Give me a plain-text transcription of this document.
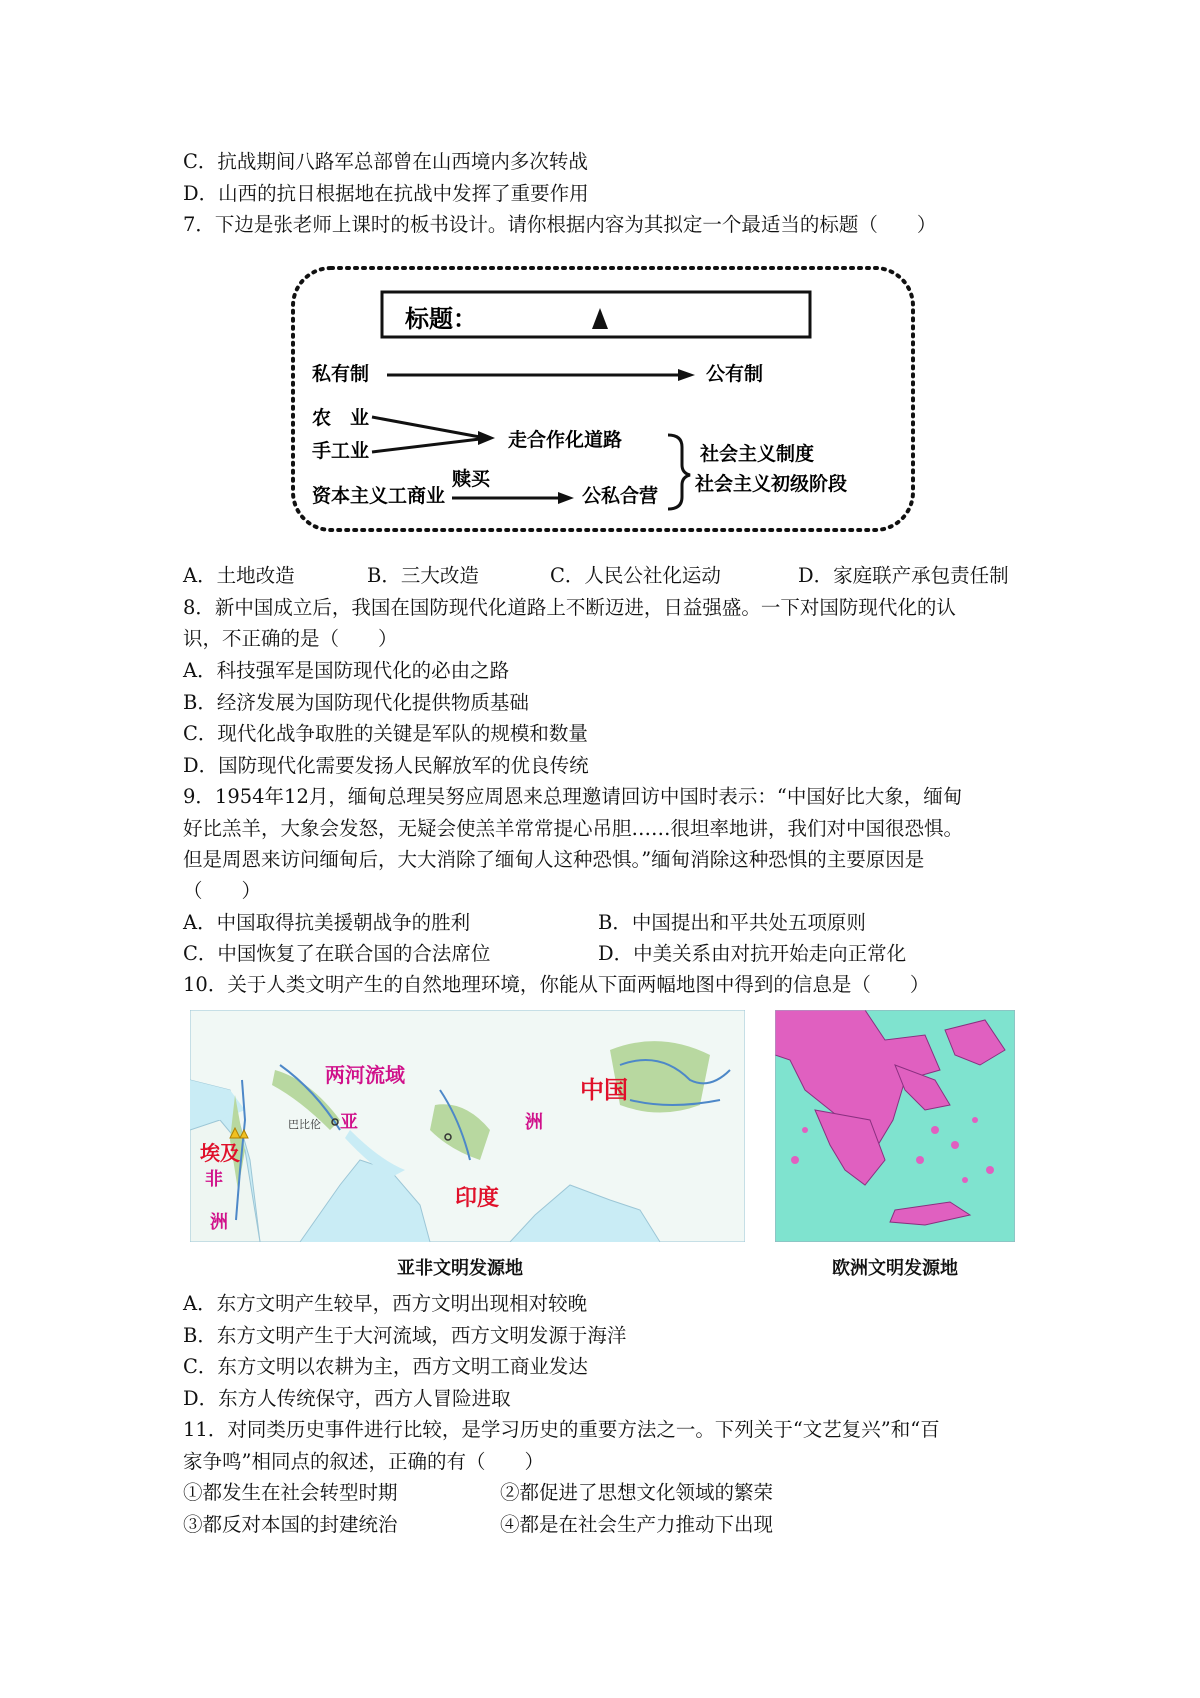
C．抗战期间八路军总部曾在山西境内多次转战
D．山西的抗日根据地在抗战中发挥了重要作用
7．下边是张老师上课时的板书设计。请你根据内容为其拟定一个最适当的标题（　　）
标题：
私有制	公有制
农　业
手工业	走合作化道路
资本主义工商业
赎买
公私合营
社会主义制度
社会主义初级阶段
A．土地改造	B．三大改造	C．人民公社化运动	D．家庭联产承包责任制
8．新中国成立后，我国在国防现代化道路上不断迈进，日益强盛。一下对国防现代化的认
识，不正确的是（　　）
A．科技强军是国防现代化的必由之路
B．经济发展为国防现代化提供物质基础
C．现代化战争取胜的关键是军队的规模和数量
D．国防现代化需要发扬人民解放军的优良传统
9．1954年12月，缅甸总理吴努应周恩来总理邀请回访中国时表示：“中国好比大象，缅甸
好比羔羊，大象会发怒，无疑会使羔羊常常提心吊胆……很坦率地讲，我们对中国很恐惧。
但是周恩来访问缅甸后，大大消除了缅甸人这种恐惧。”缅甸消除这种恐惧的主要原因是
（　　）
A．中国取得抗美援朝战争的胜利	B．中国提出和平共处五项原则
C．中国恢复了在联合国的合法席位	D．中美关系由对抗开始走向正常化
10．关于人类文明产生的自然地理环境，你能从下面两幅地图中得到的信息是（　　）
两河流域
亚	洲
中国
埃及
非
洲
印度
巴比伦
亚非文明发源地	欧洲文明发源地
A．东方文明产生较早，西方文明出现相对较晚
B．东方文明产生于大河流域，西方文明发源于海洋
C．东方文明以农耕为主，西方文明工商业发达
D．东方人传统保守，西方人冒险进取
11．对同类历史事件进行比较，是学习历史的重要方法之一。下列关于“文艺复兴”和“百
家争鸣”相同点的叙述，正确的有（　　）
①都发生在社会转型时期	②都促进了思想文化领域的繁荣
③都反对本国的封建统治	④都是在社会生产力推动下出现
